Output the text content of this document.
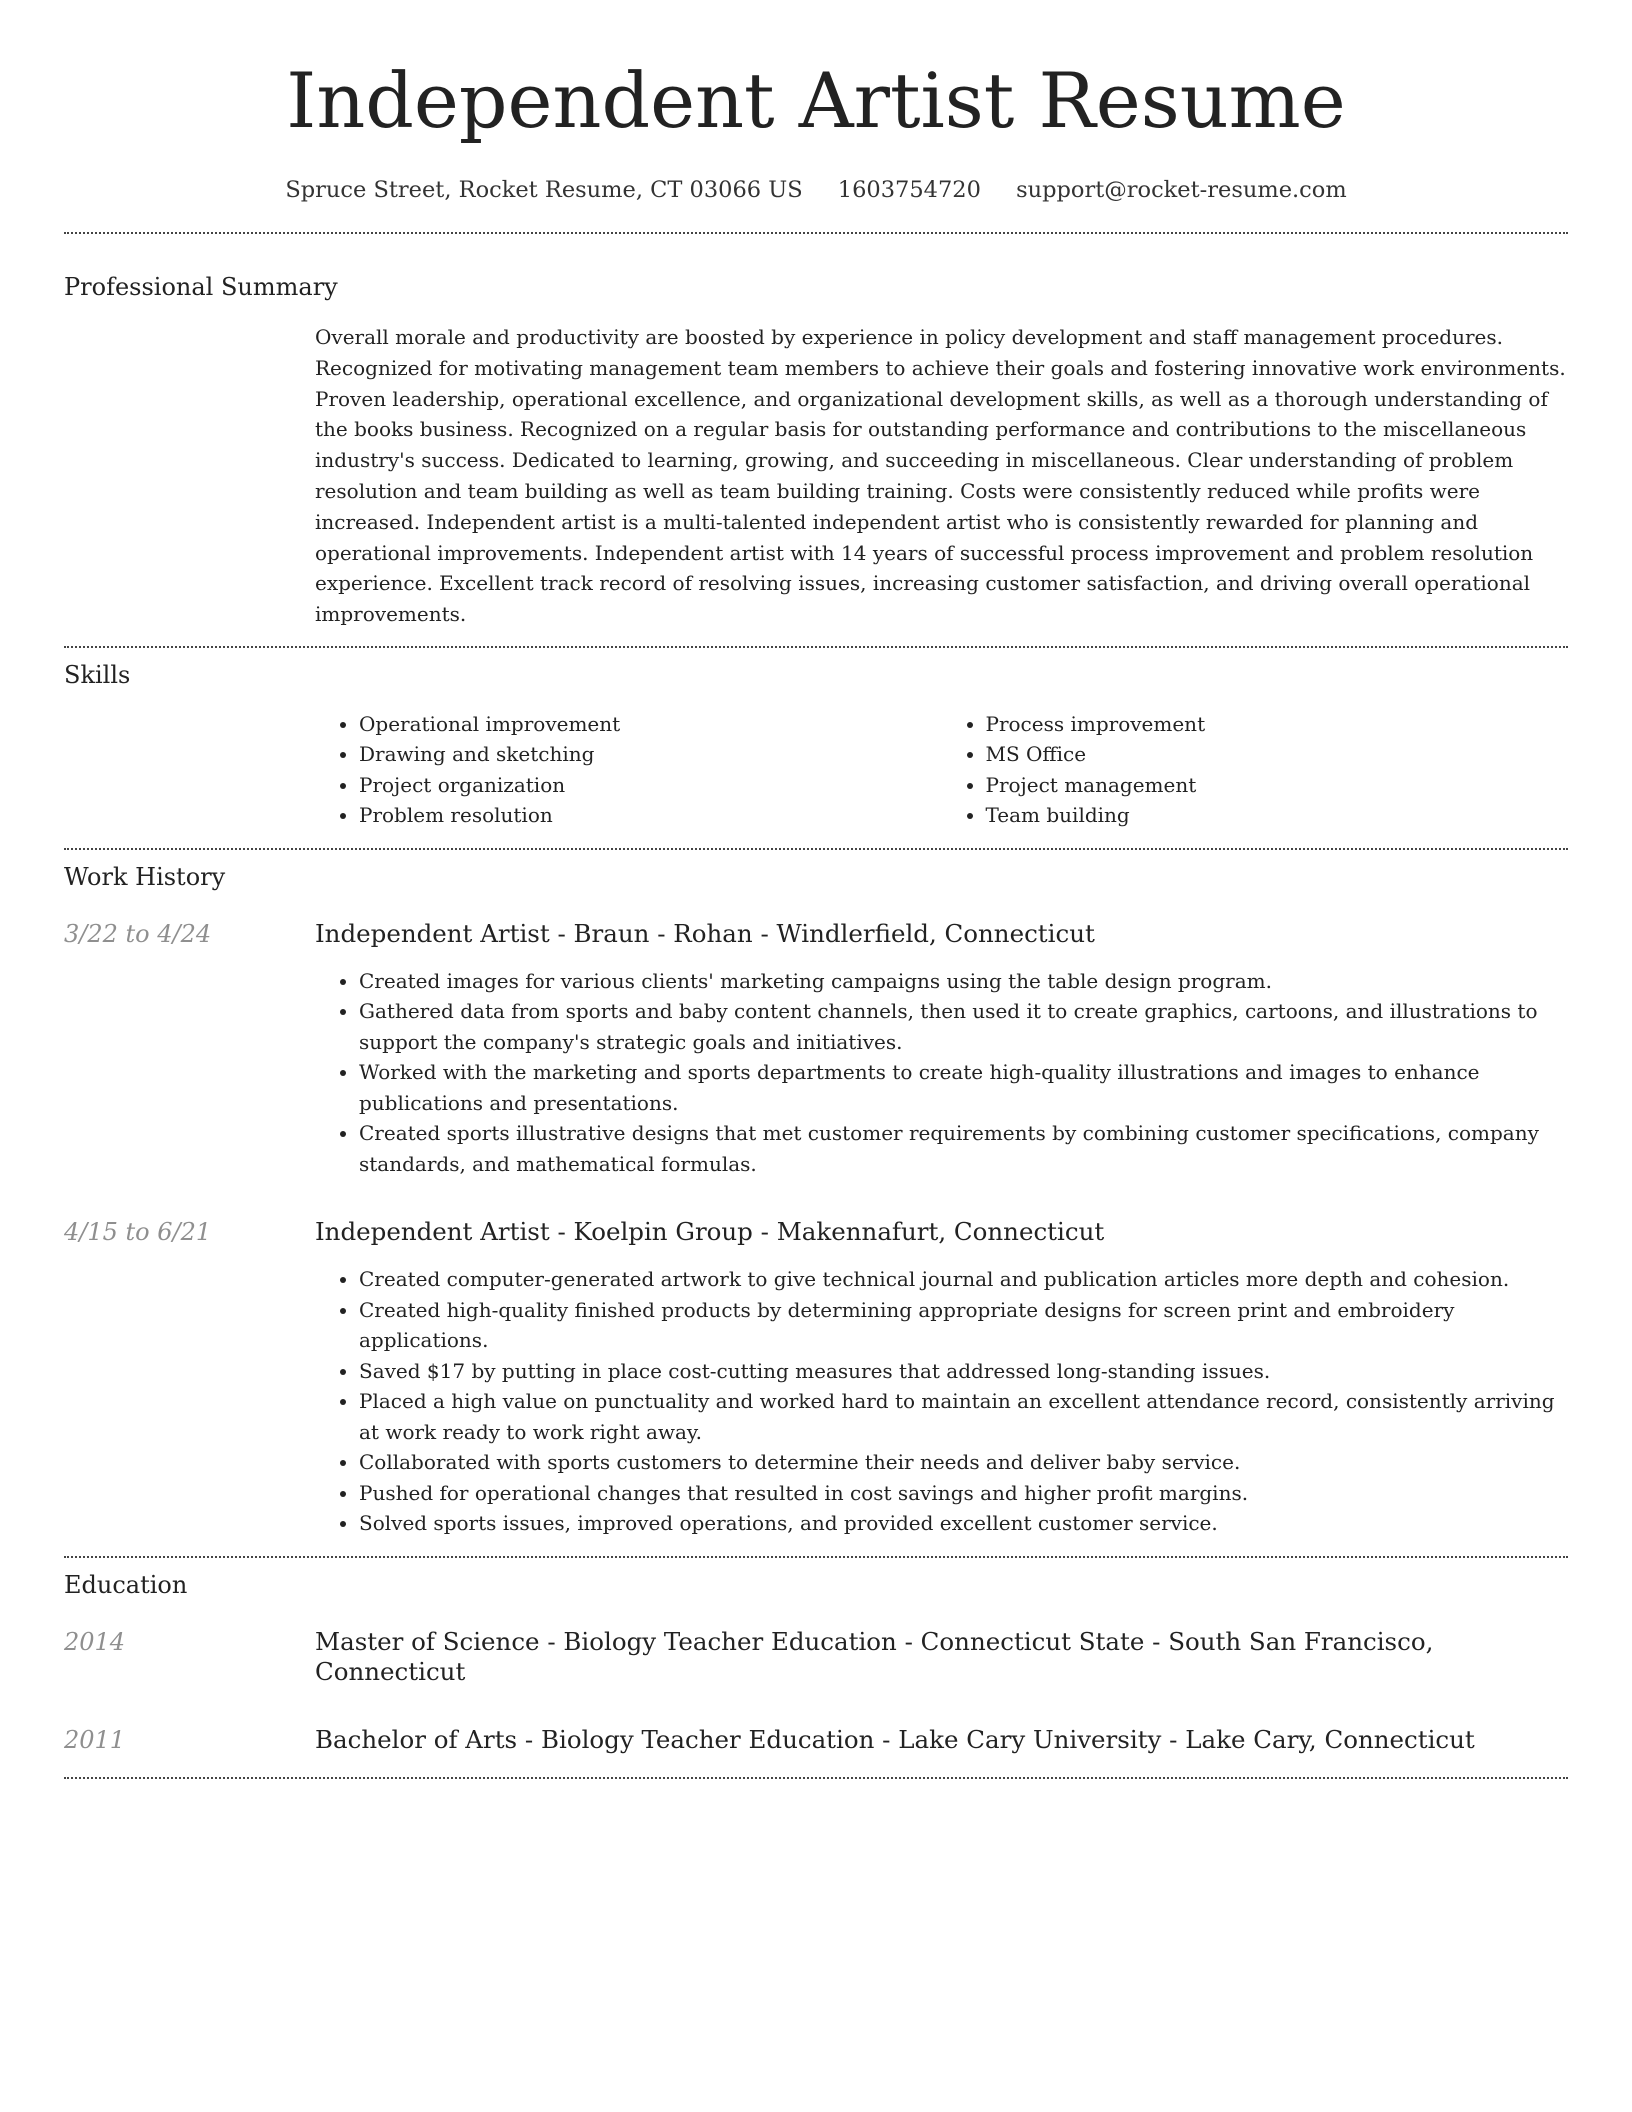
Independent Artist Resume
Spruce Street, Rocket Resume, CT 03066 US 1603754720 support@rocket-resume.com
Professional Summary

Overall morale and productivity are boosted by experience in policy development and staff management procedures. Recognized for motivating management team members to achieve their goals and fostering innovative work environments. Proven leadership, operational excellence, and organizational development skills, as well as a thorough understanding of the books business. Recognized on a regular basis for outstanding performance and contributions to the miscellaneous industry's success. Dedicated to learning, growing, and succeeding in miscellaneous. Clear understanding of problem resolution and team building as well as team building training. Costs were consistently reduced while profits were increased. Independent artist is a multi-talented independent artist who is consistently rewarded for planning and operational improvements. Independent artist with 14 years of successful process improvement and problem resolution experience. Excellent track record of resolving issues, increasing customer satisfaction, and driving overall operational improvements.

Skills
• Operational improvement
• Drawing and sketching
• Project organization
• Problem resolution
• Process improvement
• MS Office
• Project management
• Team building
Work History
3/22 to 4/24	Independent Artist - Braun - Rohan - Windlerfield, Connecticut
• Created images for various clients' marketing campaigns using the table design program.
• Gathered data from sports and baby content channels, then used it to create graphics, cartoons, and illustrations to support the company's strategic goals and initiatives.
• Worked with the marketing and sports departments to create high-quality illustrations and images to enhance publications and presentations.
• Created sports illustrative designs that met customer requirements by combining customer specifications, company standards, and mathematical formulas.
4/15 to 6/21	Independent Artist - Koelpin Group - Makennafurt, Connecticut
• Created computer-generated artwork to give technical journal and publication articles more depth and cohesion.
• Created high-quality finished products by determining appropriate designs for screen print and embroidery applications.
• Saved $17 by putting in place cost-cutting measures that addressed long-standing issues.
• Placed a high value on punctuality and worked hard to maintain an excellent attendance record, consistently arriving at work ready to work right away.
• Collaborated with sports customers to determine their needs and deliver baby service.
• Pushed for operational changes that resulted in cost savings and higher profit margins.
• Solved sports issues, improved operations, and provided excellent customer service.
Education
2014	Master of Science - Biology Teacher Education - Connecticut State - South San Francisco, Connecticut
2011	Bachelor of Arts - Biology Teacher Education - Lake Cary University - Lake Cary, Connecticut
